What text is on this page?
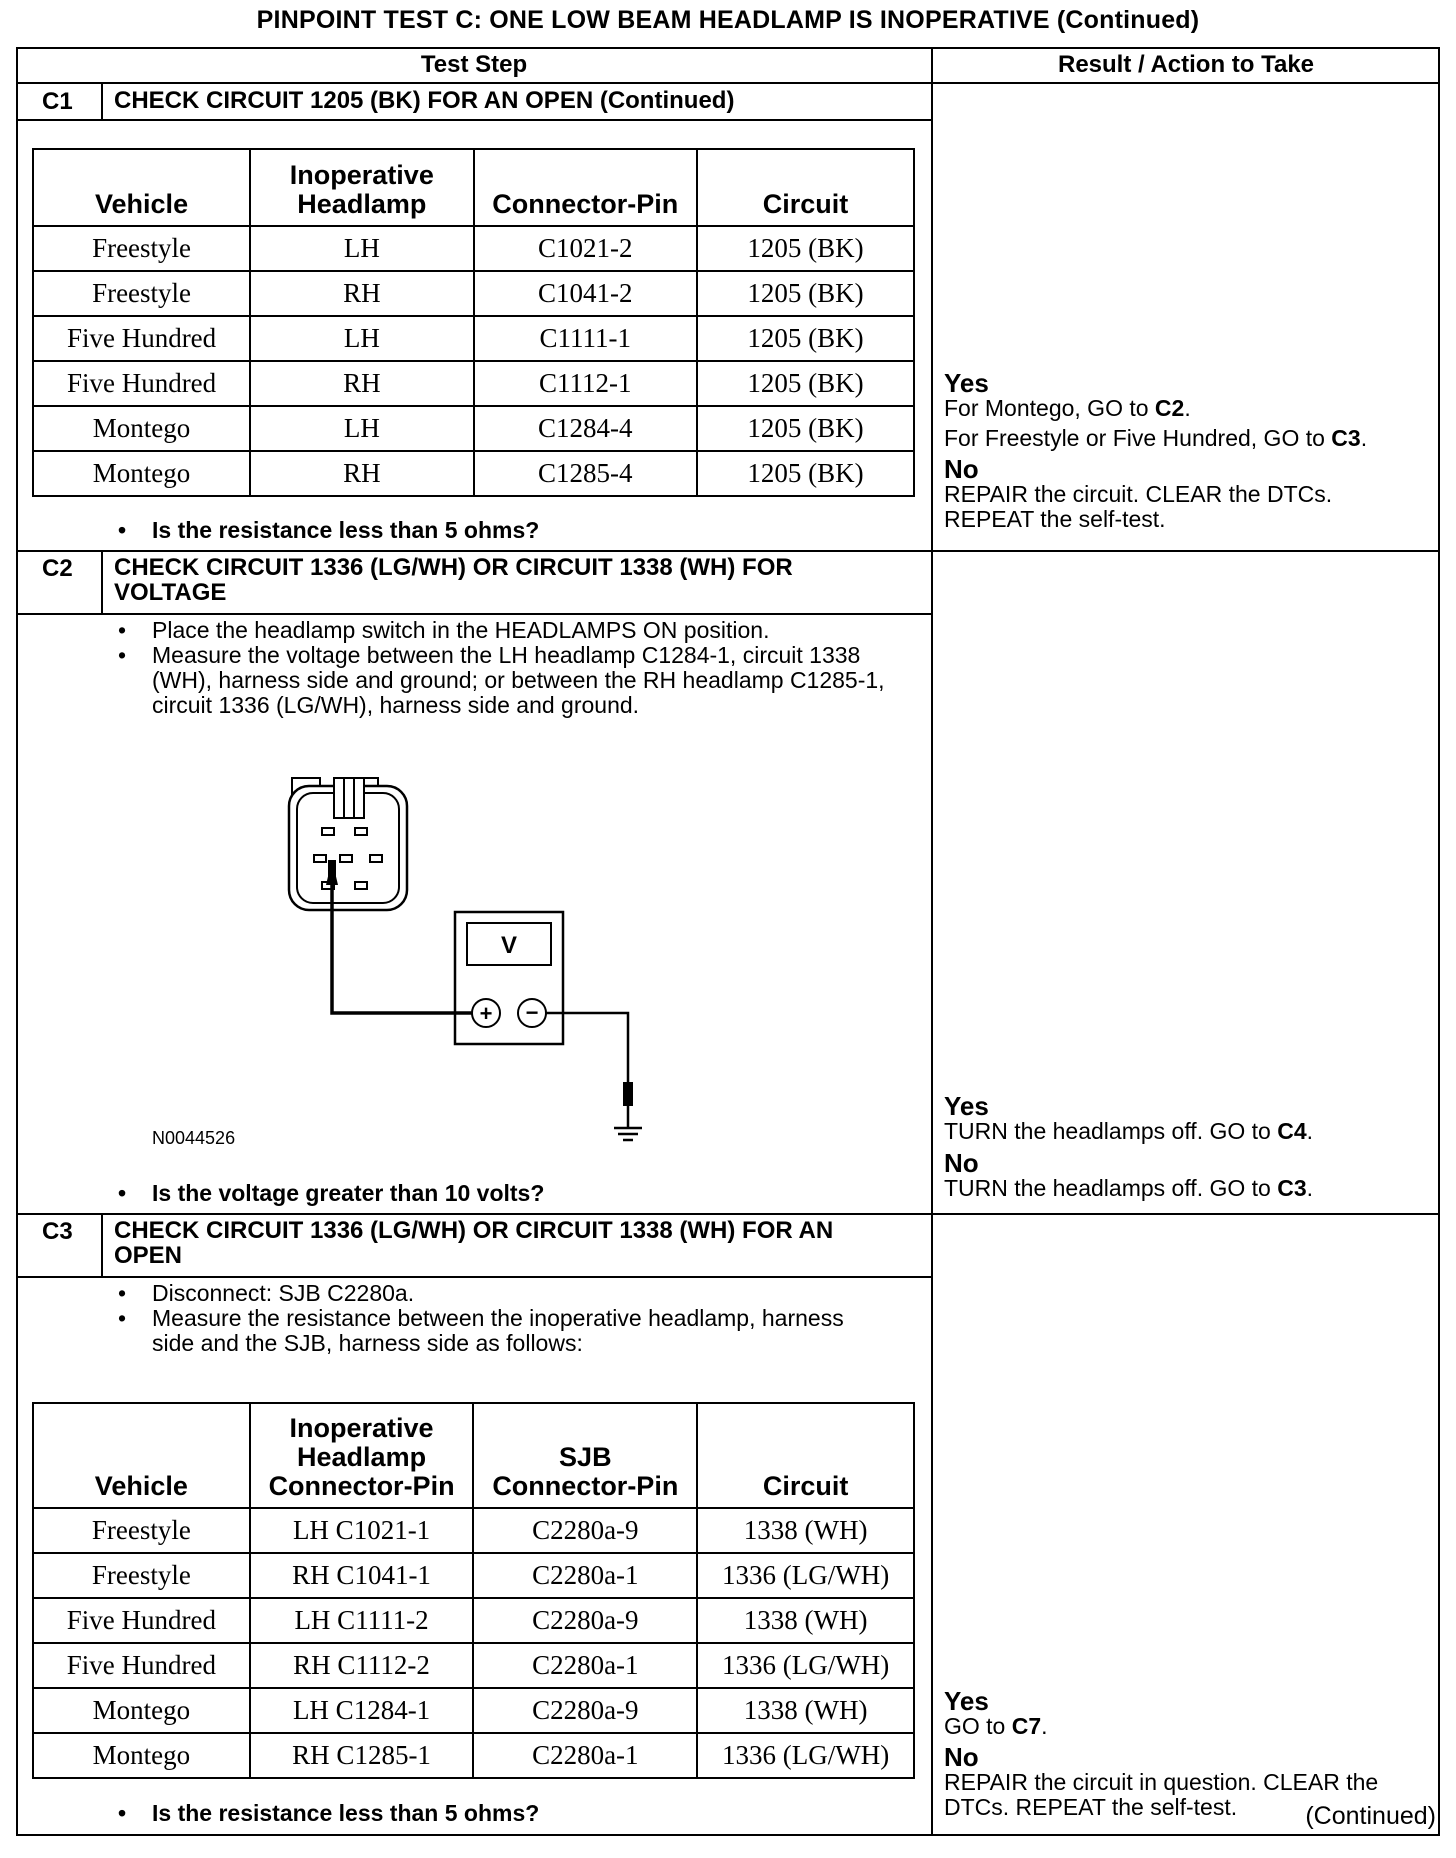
PINPOINT TEST C: ONE LOW BEAM HEADLAMP IS INOPERATIVE (Continued)
Test Step	Result / Action to Take
C1 CHECK CIRCUIT 1205 (BK) FOR AN OPEN (Continued)
Vehicle	Inoperative Headlamp	Connector-Pin	Circuit
Freestyle	LH	C1021-2	1205 (BK)
Freestyle	RH	C1041-2	1205 (BK)
Five Hundred	LH	C1111-1	1205 (BK)
Five Hundred	RH	C1112-1	1205 (BK)
Montego	LH	C1284-4	1205 (BK)
Montego	RH	C1285-4	1205 (BK)
• Is the resistance less than 5 ohms?
Yes
For Montego, GO to C2.
For Freestyle or Five Hundred, GO to C3.
No
REPAIR the circuit. CLEAR the DTCs. REPEAT the self-test.
C2 CHECK CIRCUIT 1336 (LG/WH) OR CIRCUIT 1338 (WH) FOR VOLTAGE
• Place the headlamp switch in the HEADLAMPS ON position.
• Measure the voltage between the LH headlamp C1284-1, circuit 1338 (WH), harness side and ground; or between the RH headlamp C1285-1, circuit 1336 (LG/WH), harness side and ground.
V
+ −
N0044526
• Is the voltage greater than 10 volts?
Yes
TURN the headlamps off. GO to C4.
No
TURN the headlamps off. GO to C3.
C3 CHECK CIRCUIT 1336 (LG/WH) OR CIRCUIT 1338 (WH) FOR AN OPEN
• Disconnect: SJB C2280a.
• Measure the resistance between the inoperative headlamp, harness side and the SJB, harness side as follows:
Vehicle	Inoperative Headlamp Connector-Pin	SJB Connector-Pin	Circuit
Freestyle	LH C1021-1	C2280a-9	1338 (WH)
Freestyle	RH C1041-1	C2280a-1	1336 (LG/WH)
Five Hundred	LH C1111-2	C2280a-9	1338 (WH)
Five Hundred	RH C1112-2	C2280a-1	1336 (LG/WH)
Montego	LH C1284-1	C2280a-9	1338 (WH)
Montego	RH C1285-1	C2280a-1	1336 (LG/WH)
• Is the resistance less than 5 ohms?
Yes
GO to C7.
No
REPAIR the circuit in question. CLEAR the DTCs. REPEAT the self-test.	(Continued)
